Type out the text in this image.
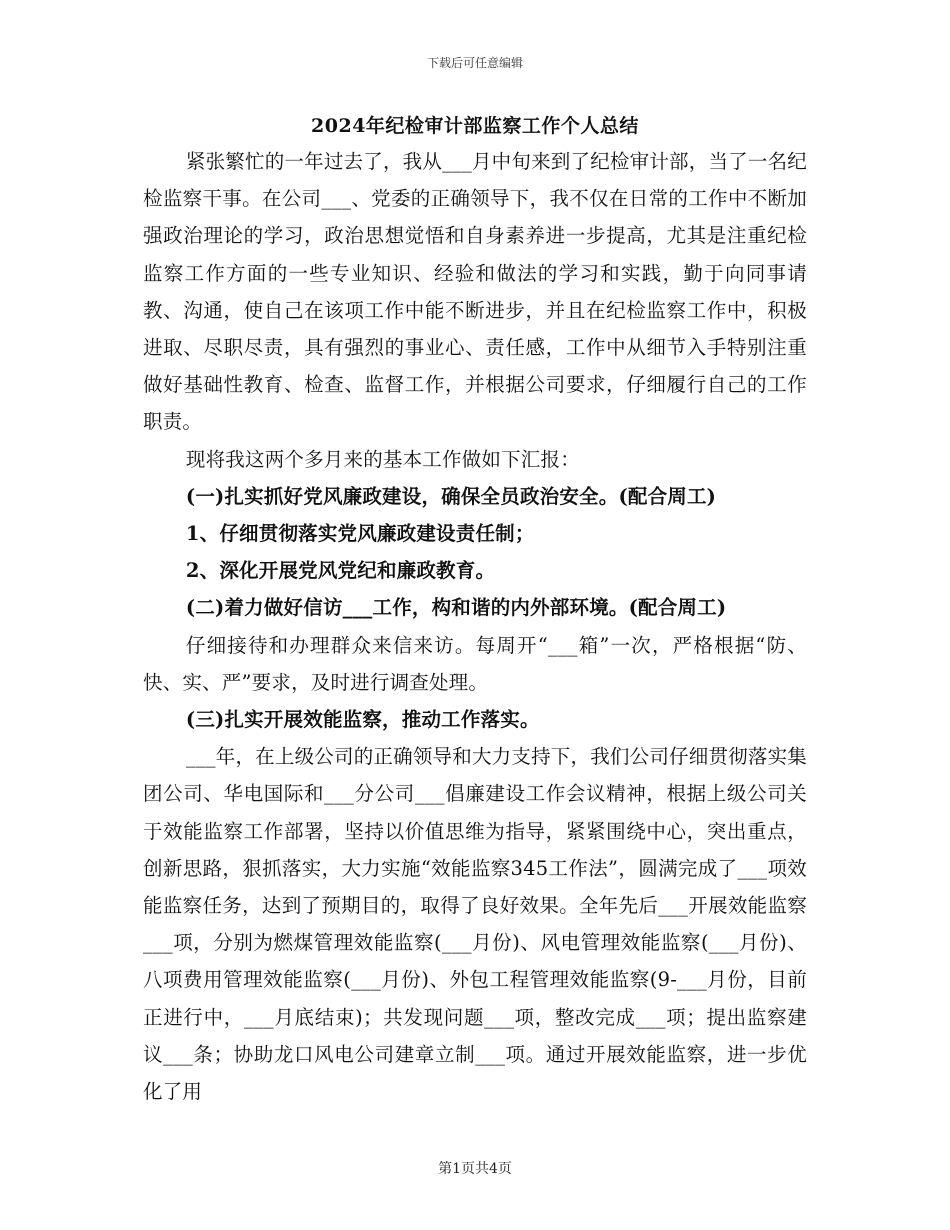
下载后可任意编辑
2024年纪检审计部监察工作个人总结

紧张繁忙的一年过去了，我从___月中旬来到了纪检审计部，当了一名纪检监察干事。在公司___、党委的正确领导下，我不仅在日常的工作中不断加强政治理论的学习，政治思想觉悟和自身素养进一步提高，尤其是注重纪检监察工作方面的一些专业知识、经验和做法的学习和实践，勤于向同事请教、沟通，使自己在该项工作中能不断进步，并且在纪检监察工作中，积极进取、尽职尽责，具有强烈的事业心、责任感，工作中从细节入手特别注重做好基础性教育、检查、监督工作，并根据公司要求，仔细履行自己的工作职责。

现将我这两个多月来的基本工作做如下汇报：

(一)扎实抓好党风廉政建设，确保全员政治安全。(配合周工)

1、仔细贯彻落实党风廉政建设责任制；

2、深化开展党风党纪和廉政教育。

(二)着力做好信访___工作，构和谐的内外部环境。(配合周工)

仔细接待和办理群众来信来访。每周开“___箱”一次，严格根据“防、快、实、严”要求，及时进行调查处理。

(三)扎实开展效能监察，推动工作落实。

___年，在上级公司的正确领导和大力支持下，我们公司仔细贯彻落实集团公司、华电国际和___分公司___倡廉建设工作会议精神，根据上级公司关于效能监察工作部署，坚持以价值思维为指导，紧紧围绕中心，突出重点，创新思路，狠抓落实，大力实施“效能监察345工作法”，圆满完成了___项效能监察任务，达到了预期目的，取得了良好效果。全年先后___开展效能监察___项，分别为燃煤管理效能监察(___月份)、风电管理效能监察(___月份)、八项费用管理效能监察(___月份)、外包工程管理效能监察(9-___月份，目前正进行中，___月底结束)；共发现问题___项，整改完成___项；提出监察建议___条；协助龙口风电公司建章立制___项。通过开展效能监察，进一步优化了用

第1页共4页
